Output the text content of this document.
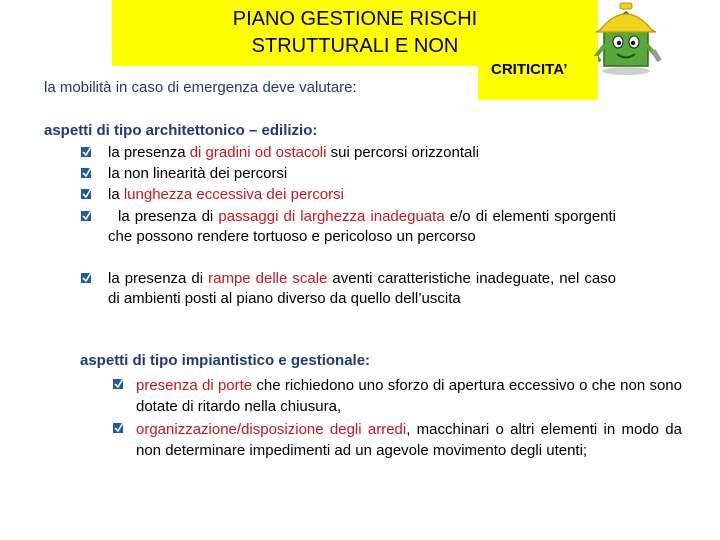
PIANO GESTIONE RISCHI
STRUTTURALI E NON
la mobilità in caso di emergenza deve valutare:
CRITICITA’
aspetti di tipo architettonico – edilizio:
la presenza di gradini od ostacoli sui percorsi orizzontali
la non linearità dei percorsi
la lunghezza eccessiva dei percorsi
la presenza di passaggi di larghezza inadeguata e/o di elementi sporgenti che possono rendere tortuoso e pericoloso un percorso
la presenza di rampe delle scale aventi caratteristiche inadeguate, nel caso di ambienti posti al piano diverso da quello dell’uscita
aspetti di tipo impiantistico e gestionale:
presenza di porte che richiedono uno sforzo di apertura eccessivo o che non sono dotate di ritardo nella chiusura,
organizzazione/disposizione degli arredi, macchinari o altri elementi in modo da non determinare impedimenti ad un agevole movimento degli utenti;
